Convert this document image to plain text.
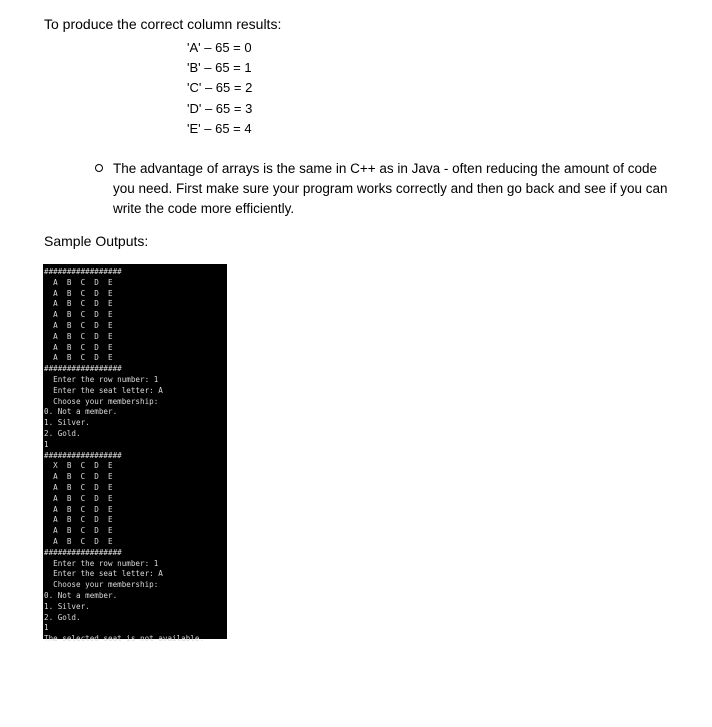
To produce the correct column results:
'A' – 65 = 0
'B' – 65 = 1
'C' – 65 = 2
'D' – 65 = 3
'E' – 65 = 4
The advantage of arrays is the same in C++ as in Java - often reducing the amount of code you need. First make sure your program works correctly and then go back and see if you can write the code more efficiently.
Sample Outputs:
#################
A  B  C  D  E
A  B  C  D  E
A  B  C  D  E
A  B  C  D  E
A  B  C  D  E
A  B  C  D  E
A  B  C  D  E
A  B  C  D  E
#################
Enter the row number: 1
Enter the seat letter: A
Choose your membership:
0. Not a member.
1. Silver.
2. Gold.
1
#################
X  B  C  D  E
A  B  C  D  E
A  B  C  D  E
A  B  C  D  E
A  B  C  D  E
A  B  C  D  E
A  B  C  D  E
A  B  C  D  E
#################
Enter the row number: 1
Enter the seat letter: A
Choose your membership:
0. Not a member.
1. Silver.
2. Gold.
1
The selected seat is not available.
